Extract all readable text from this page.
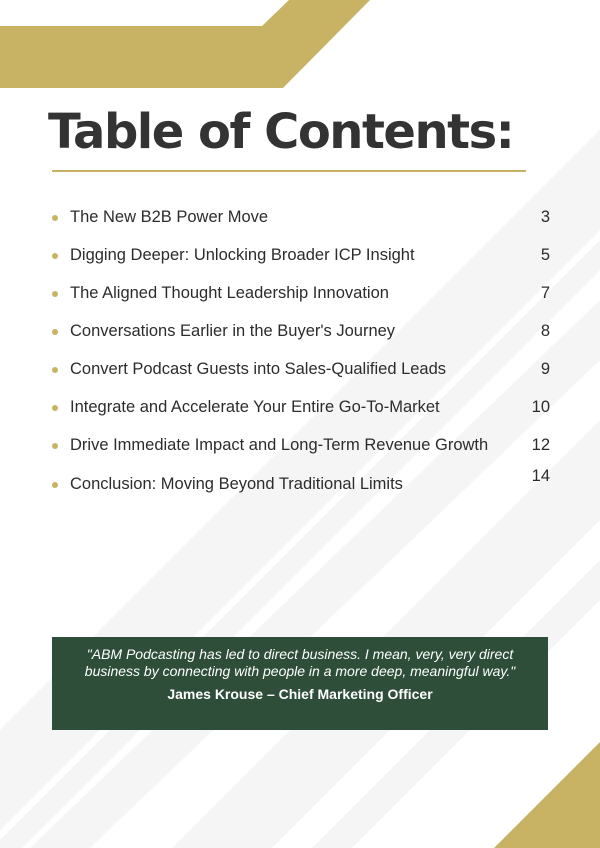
Table of Contents:
The New B2B Power Move	3
Digging Deeper: Unlocking Broader ICP Insight	5
The Aligned Thought Leadership Innovation	7
Conversations Earlier in the Buyer's Journey	8
Convert Podcast Guests into Sales-Qualified Leads	9
Integrate and Accelerate Your Entire Go-To-Market	10
Drive Immediate Impact and Long-Term Revenue Growth	12
Conclusion: Moving Beyond Traditional Limits	14

"ABM Podcasting has led to direct business. I mean, very, very direct business by connecting with people in a more deep, meaningful way."

James Krouse – Chief Marketing Officer
